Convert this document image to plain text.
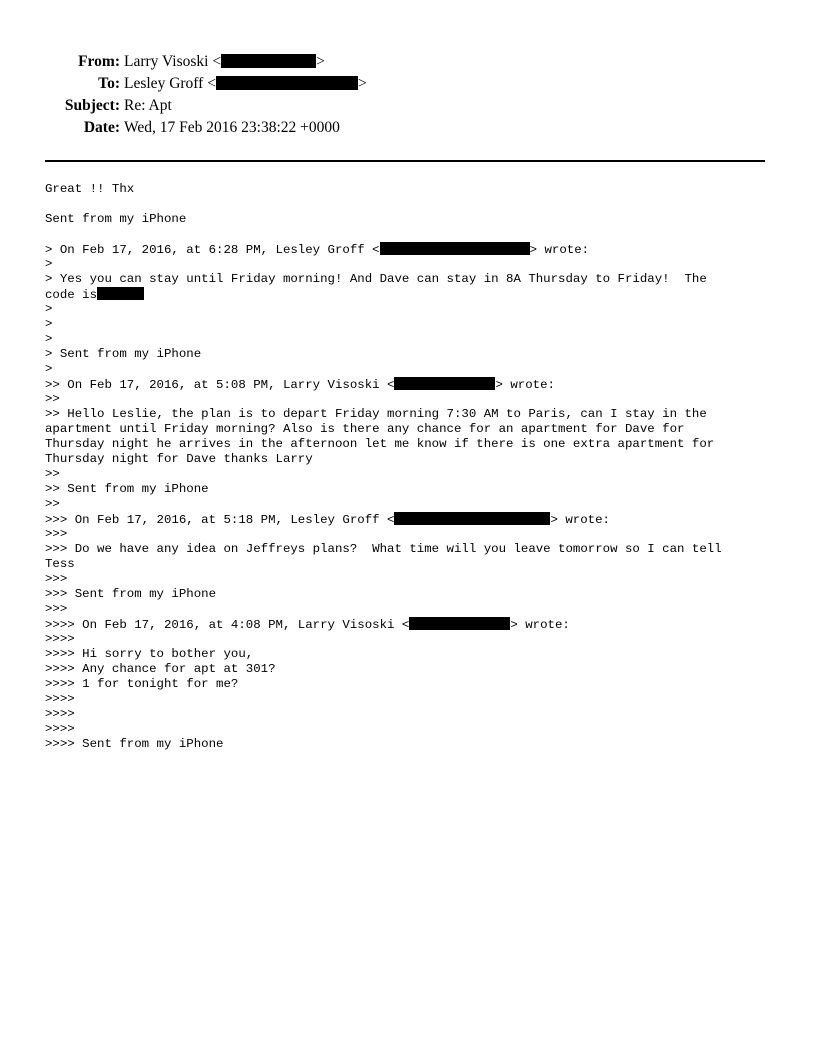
From: Larry Visoski <	>
To: Lesley Groff <	>
Subject: Re: Apt
Date: Wed, 17 Feb 2016 23:38:22 +0000
Great !! Thx
Sent from my iPhone
> On Feb 17, 2016, at 6:28 PM, Lesley Groff <	> wrote:
>
> Yes you can stay until Friday morning! And Dave can stay in 8A Thursday to Friday!  The
code is
>
>
>
> Sent from my iPhone
>
>> On Feb 17, 2016, at 5:08 PM, Larry Visoski <	> wrote:
>>
>> Hello Leslie, the plan is to depart Friday morning 7:30 AM to Paris, can I stay in the
apartment until Friday morning? Also is there any chance for an apartment for Dave for
Thursday night he arrives in the afternoon let me know if there is one extra apartment for
Thursday night for Dave thanks Larry
>>
>> Sent from my iPhone
>>
>>> On Feb 17, 2016, at 5:18 PM, Lesley Groff <	> wrote:
>>>
>>> Do we have any idea on Jeffreys plans?  What time will you leave tomorrow so I can tell
Tess
>>>
>>> Sent from my iPhone
>>>
>>>> On Feb 17, 2016, at 4:08 PM, Larry Visoski <	> wrote:
>>>>
>>>> Hi sorry to bother you,
>>>> Any chance for apt at 301?
>>>> 1 for tonight for me?
>>>>
>>>>
>>>>
>>>> Sent from my iPhone
